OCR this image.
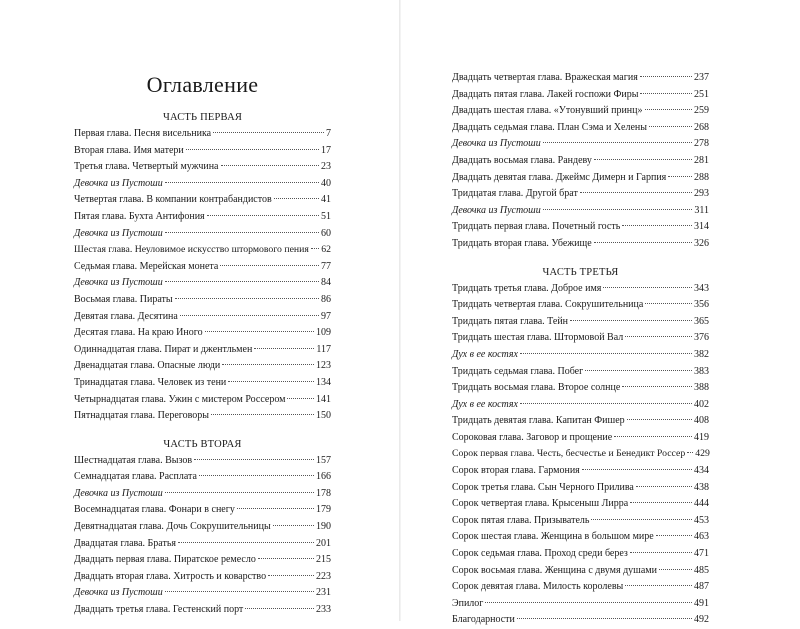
Оглавление
ЧАСТЬ ПЕРВАЯ
Первая глава. Песня висельника	7
Вторая глава. Имя матери	17
Третья глава. Четвертый мужчина	23
Девочка из Пустоши	40
Четвертая глава. В компании контрабандистов	41
Пятая глава. Бухта Антифония	51
Девочка из Пустоши	60
Шестая глава. Неуловимое искусство штормового пения 62
Седьмая глава. Мерейская монета	77
Девочка из Пустоши	84
Восьмая глава. Пираты	86
Девятая глава. Десятина	97
Десятая глава. На краю Иного	109
Одиннадцатая глава. Пират и джентльмен	117
Двенадцатая глава. Опасные люди	123
Тринадцатая глава. Человек из тени	134
Четырнадцатая глава. Ужин с мистером Россером	141
Пятнадцатая глава. Переговоры	150
ЧАСТЬ ВТОРАЯ
Шестнадцатая глава. Вызов	157
Семнадцатая глава. Расплата	166
Девочка из Пустоши	178
Восемнадцатая глава. Фонари в снегу	179
Девятнадцатая глава. Дочь Сокрушительницы	190
Двадцатая глава. Братья	201
Двадцать первая глава. Пиратское ремесло	215
Двадцать вторая глава. Хитрость и коварство	223
Девочка из Пустоши	231
Двадцать третья глава. Гестенский порт	233
Двадцать четвертая глава. Вражеская магия	237
Двадцать пятая глава. Лакей госпожи Фиры	251
Двадцать шестая глава. «Утонувший принц»	259
Двадцать седьмая глава. План Сэма и Хелены	268
Девочка из Пустоши	278
Двадцать восьмая глава. Рандеву	281
Двадцать девятая глава. Джеймс Димерн и Гарпия	288
Тридцатая глава. Другой брат	293
Девочка из Пустоши	311
Тридцать первая глава. Почетный гость	314
Тридцать вторая глава. Убежище	326
ЧАСТЬ ТРЕТЬЯ
Тридцать третья глава. Доброе имя	343
Тридцать четвертая глава. Сокрушительница	356
Тридцать пятая глава. Тейн	365
Тридцать шестая глава. Штормовой Вал	376
Дух в ее костях	382
Тридцать седьмая глава. Побег	383
Тридцать восьмая глава. Второе солнце	388
Дух в ее костях	402
Тридцать девятая глава. Капитан Фишер	408
Сороковая глава. Заговор и прощение	419
Сорок первая глава. Честь, бесчестье и Бенедикт Россер 429
Сорок вторая глава. Гармония	434
Сорок третья глава. Сын Черного Прилива	438
Сорок четвертая глава. Крысеныш Лирра	444
Сорок пятая глава. Призыватель	453
Сорок шестая глава. Женщина в большом мире	463
Сорок седьмая глава. Проход среди берез	471
Сорок восьмая глава. Женщина с двумя душами	485
Сорок девятая глава. Милость королевы	487
Эпилог	491
Благодарности	492
